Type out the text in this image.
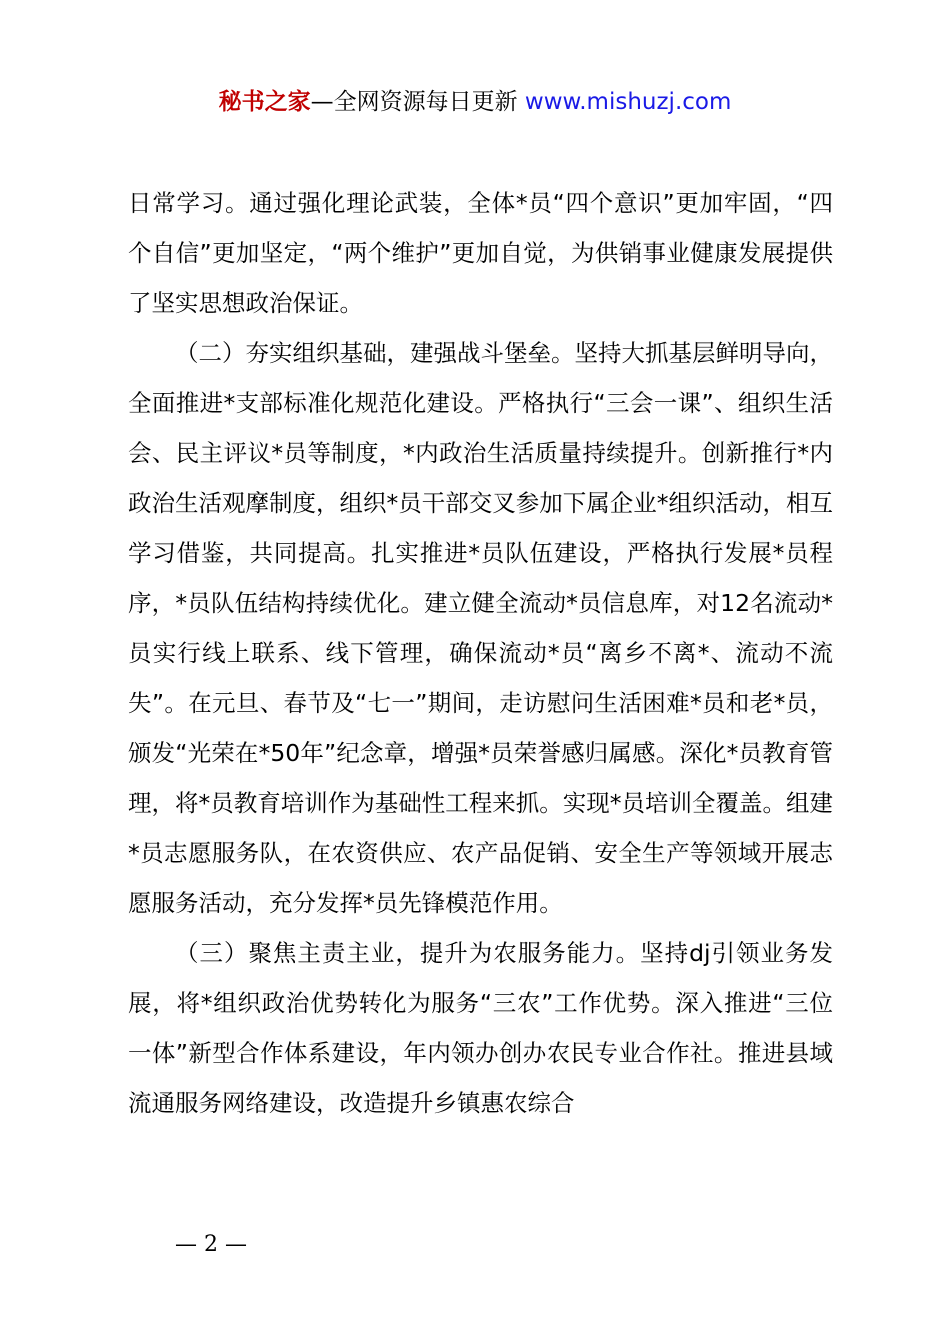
秘书之家—全网资源每日更新 www.mishuzj.com

日常学习。通过强化理论武装，全体*员“四个意识”更加牢固，“四个自信”更加坚定，“两个维护”更加自觉，为供销事业健康发展提供了坚实思想政治保证。

（二）夯实组织基础，建强战斗堡垒。坚持大抓基层鲜明导向，全面推进*支部标准化规范化建设。严格执行“三会一课”、组织生活会、民主评议*员等制度，*内政治生活质量持续提升。创新推行*内政治生活观摩制度，组织*员干部交叉参加下属企业*组织活动，相互学习借鉴，共同提高。扎实推进*员队伍建设，严格执行发展*员程序，*员队伍结构持续优化。建立健全流动*员信息库，对12名流动*员实行线上联系、线下管理，确保流动*员“离乡不离*、流动不流失”。在元旦、春节及“七一”期间，走访慰问生活困难*员和老*员，颁发“光荣在*50年”纪念章，增强*员荣誉感归属感。深化*员教育管理，将*员教育培训作为基础性工程来抓。实现*员培训全覆盖。组建*员志愿服务队，在农资供应、农产品促销、安全生产等领域开展志愿服务活动，充分发挥*员先锋模范作用。

（三）聚焦主责主业，提升为农服务能力。坚持dj引领业务发展，将*组织政治优势转化为服务“三农”工作优势。深入推进“三位一体”新型合作体系建设，年内领办创办农民专业合作社。推进县域流通服务网络建设，改造提升乡镇惠农综合

— 2 —
